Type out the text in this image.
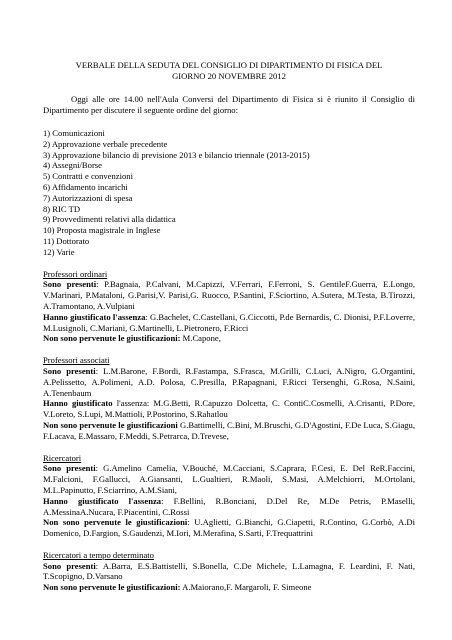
VERBALE DELLA SEDUTA DEL CONSIGLIO DI DIPARTIMENTO DI FISICA DEL
GIORNO 20 NOVEMBRE 2012
Oggi alle ore 14.00 nell'Aula Conversi del Dipartimento di Fisica si è riunito il Consiglio di Dipartimento per discutere il seguente ordine del giorno:
1) Comunicazioni
2) Approvazione verbale precedente
3) Approvazione bilancio di previsione 2013 e bilancio triennale (2013-2015)
4) Assegni/Borse
5) Contratti e convenzioni
6) Affidamento incarichi
7) Autorizzazioni di spesa
8) RIC TD
9) Provvedimenti relativi alla didattica
10) Proposta magistrale in Inglese
11) Dottorato
12) Varie
Professori ordinari
Sono presenti: P.Bagnaia, P.Calvani, M.Capizzi, V.Ferrari, F.Ferroni, S. GentileF.Guerra, E.Longo, V.Marinari, P.Mataloni, G.Parisi,V. Parisi,G. Ruocco, P.Santini, F.Sciortino, A.Sutera, M.Testa, B.Tirozzi, A.Tramontano, A.Vulpiani
Hanno giustificato l'assenza: G.Bachelet, C.Castellani, G.Ciccotti, P.de Bernardis, C. Dionisi, P.F.Loverre, M.Lusignoli, C.Mariani, G.Martinelli, L.Pietronero, F.Ricci
Non sono pervenute le giustificazioni: M.Capone,
Professori associati
Sono presenti: L.M.Barone, F.Bordi, R.Fastampa, S.Frasca, M.Grilli, C.Luci, A.Nigro, G.Organtini, A.Pelissetto, A.Polimeni, A.D. Polosa, C.Presilla, P.Rapagnani, F.Ricci Tersenghi, G.Rosa, N.Saini, A.Tenenbaum
Hanno giustificato l'assenza: M.G.Betti, R.Capuzzo Dolcetta, C. ContiC.Cosmelli, A.Crisanti, P.Dore, V.Loreto, S.Lupi, M.Mattioli, P.Postorino, S.Rahatlou
Non sono pervenute le giustificazioni G.Battimelli, C.Bini, M.Bruschi, G.D'Agostini, F.De Luca, S.Giagu, F.Lacava, E.Massaro, F.Meddi, S.Petrarca, D.Trevese,
Ricercatori
Sono presenti: G.Amelino Camelia, V.Bouché, M.Cacciani, S.Caprara, F.Cesi, E. Del ReR.Faccini, M.Falcioni, F.Gallucci, A.Giansanti, L.Gualtieri, R.Maoli, S.Masi, A.Melchiorri, M.Ortolani, M.L.Papinutto, F.Sciarrino, A.M.Siani,
Hanno giustificato l'assenza: F.Bellini, R.Bonciani, D.Del Re, M.De Petris, P.Maselli, A.MessinaA.Nucara, F.Piacentini, C.Rossi
Non sono pervenute le giustificazioni: U.Aglietti, G.Bianchi, G.Ciapetti, R.Contino, G.Corbò, A.Di Domenico, D.Fargion, S.Gaudenzi, M.Iori, M.Merafina, S.Sarti, F.Trequattrini
Ricercatori a tempo determinato
Sono presenti: A.Barra, E.S.Battistelli, S.Bonella, C.De Michele, L.Lamagna, F. Leardini, F. Nati, T.Scopigno, D.Varsano
Non sono pervenute le giustificazioni: A.Maiorano,F. Margaroli, F. Simeone
